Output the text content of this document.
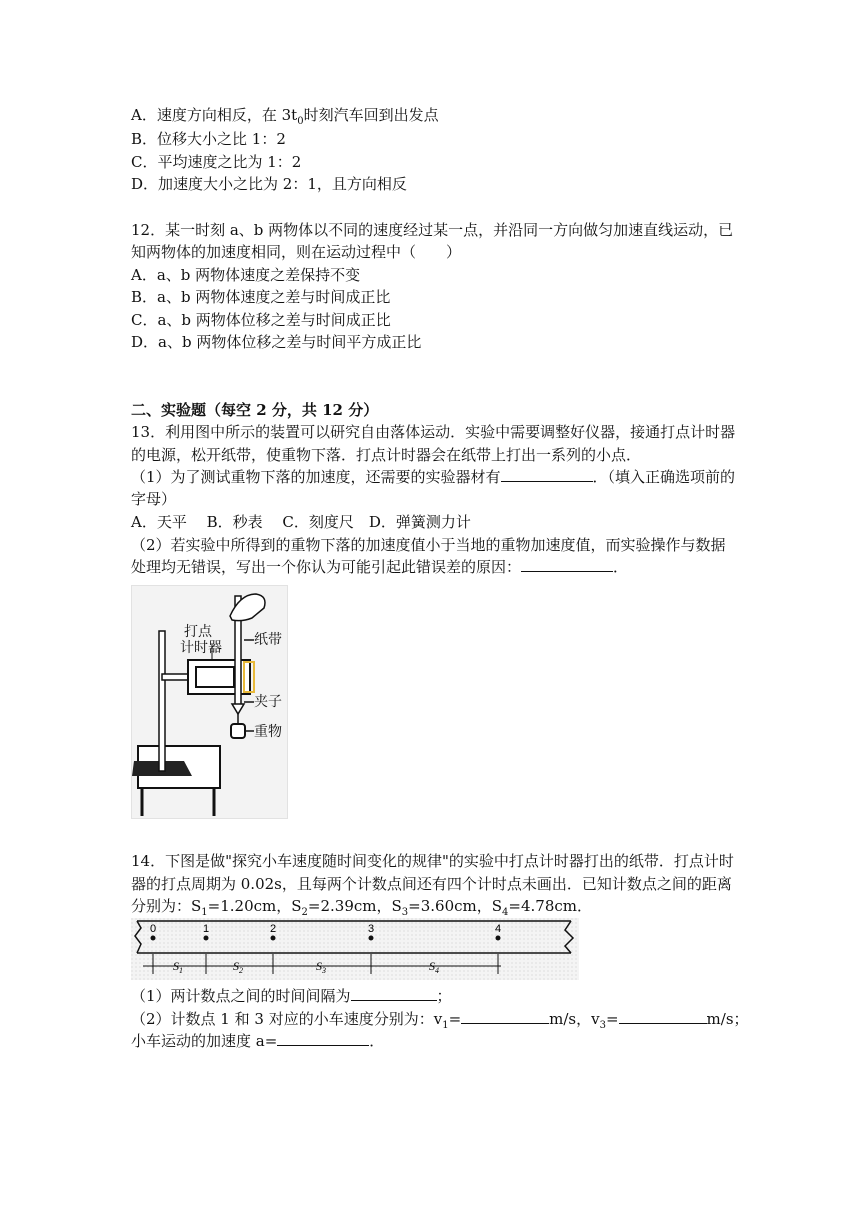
A．速度方向相反，在 $3t_0$时刻汽车回到出发点
B．位移大小之比 1：2
C．平均速度之比为 1：2
D．加速度大小之比为 2：1，且方向相反
12．某一时刻 a、b 两物体以不同的速度经过某一点，并沿同一方向做匀加速直线运动，已
知两物体的加速度相同，则在运动过程中（　　）
A．a、b 两物体速度之差保持不变
B．a、b 两物体速度之差与时间成正比
C．a、b 两物体位移之差与时间成正比
D．a、b 两物体位移之差与时间平方成正比
二、实验题（每空 2 分，共 12 分）
13．利用图中所示的装置可以研究自由落体运动．实验中需要调整好仪器，接通打点计时器
的电源，松开纸带，使重物下落．打点计时器会在纸带上打出一系列的小点．
（1）为了测试重物下落的加速度，还需要的实验器材有	．（填入正确选项前的
字母）
A．天平　 B．秒表　 C．刻度尺　D．弹簧测力计
（2）若实验中所得到的重物下落的加速度值小于当地的重物加速度值，而实验操作与数据
处理均无错误，写出一个你认为可能引起此错误差的原因：	．
打点
计时器 纸带
夹子
重物
14．下图是做"探究小车速度随时间变化的规律"的实验中打点计时器打出的纸带．打点计时
器的打点周期为 0.02s，且每两个计数点间还有四个计时点未画出．已知计数点之间的距离
分别为：$S_1=1.20cm$，$S_2=2.39cm$，$S_3=3.60cm$，$S_4=4.78cm$．
0	1	2	3	4
$S_1$	$S_2$	$S_3$	$S_4$
（1）两计数点之间的时间间隔为	；
（2）计数点 1 和 3 对应的小车速度分别为：$v_1=$	m/s，$v_3=$	m/s；
小车运动的加速度 a=	．
